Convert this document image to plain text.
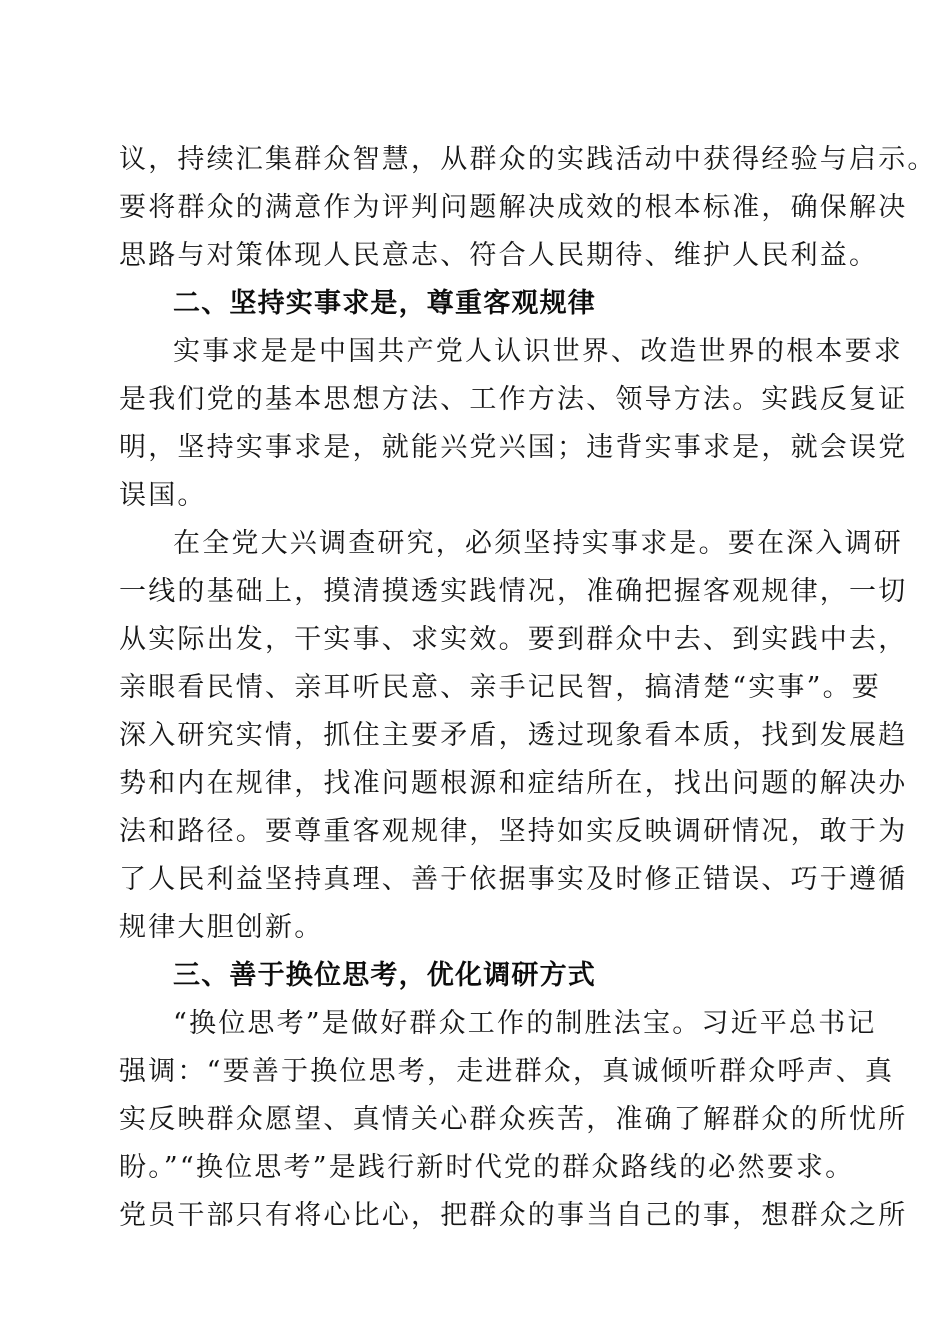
议，持续汇集群众智慧，从群众的实践活动中获得经验与启示。
要将群众的满意作为评判问题解决成效的根本标准，确保解决
思路与对策体现人民意志、符合人民期待、维护人民利益。
二、坚持实事求是，尊重客观规律
实事求是是中国共产党人认识世界、改造世界的根本要求
是我们党的基本思想方法、工作方法、领导方法。实践反复证
明，坚持实事求是，就能兴党兴国；违背实事求是，就会误党
误国。
在全党大兴调查研究，必须坚持实事求是。要在深入调研
一线的基础上，摸清摸透实践情况，准确把握客观规律，一切
从实际出发，干实事、求实效。要到群众中去、到实践中去，
亲眼看民情、亲耳听民意、亲手记民智，搞清楚“实事”。要
深入研究实情，抓住主要矛盾，透过现象看本质，找到发展趋
势和内在规律，找准问题根源和症结所在，找出问题的解决办
法和路径。要尊重客观规律，坚持如实反映调研情况，敢于为
了人民利益坚持真理、善于依据事实及时修正错误、巧于遵循
规律大胆创新。
三、善于换位思考，优化调研方式
“换位思考”是做好群众工作的制胜法宝。习近平总书记
强调：“要善于换位思考，走进群众，真诚倾听群众呼声、真
实反映群众愿望、真情关心群众疾苦，准确了解群众的所忧所
盼。”“换位思考”是践行新时代党的群众路线的必然要求。
党员干部只有将心比心，把群众的事当自己的事，想群众之所
